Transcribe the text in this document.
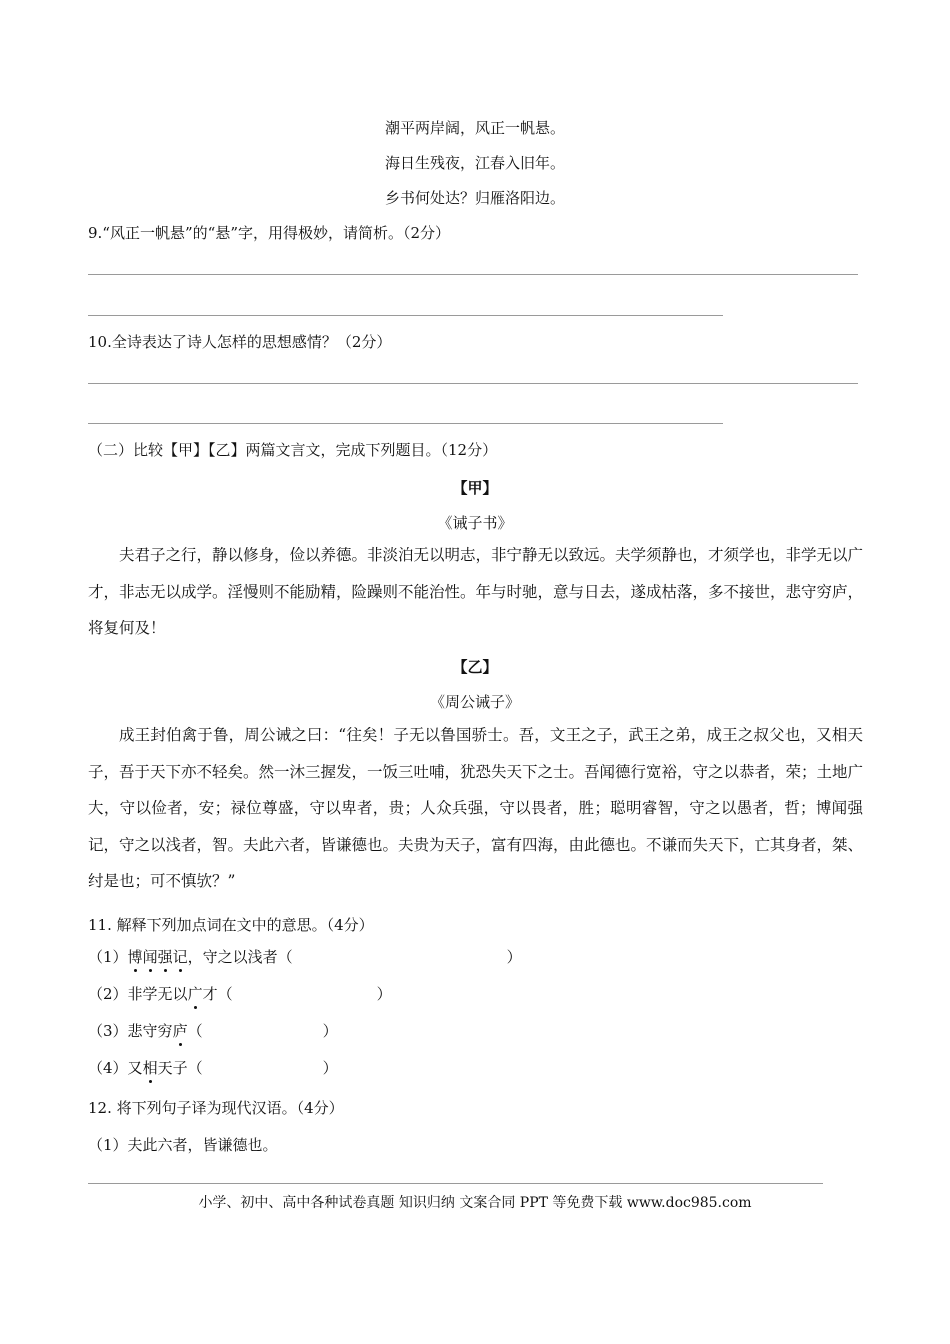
潮平两岸阔，风正一帆悬。
海日生残夜，江春入旧年。
乡书何处达？归雁洛阳边。
9.“风正一帆悬”的“悬”字，用得极妙，请简析。（2分）
10.全诗表达了诗人怎样的思想感情？（2分）
（二）比较【甲】【乙】两篇文言文，完成下列题目。（12分）
【甲】
《诫子书》

夫君子之行，静以修身，俭以养德。非淡泊无以明志，非宁静无以致远。夫学须静也，才须学也，非学无以广才，非志无以成学。淫慢则不能励精，险躁则不能治性。年与时驰，意与日去，遂成枯落，多不接世，悲守穷庐，将复何及！

【乙】
《周公诫子》

成王封伯禽于鲁，周公诫之曰：“往矣！子无以鲁国骄士。吾，文王之子，武王之弟，成王之叔父也，又相天子，吾于天下亦不轻矣。然一沐三握发，一饭三吐哺，犹恐失天下之士。吾闻德行宽裕，守之以恭者，荣；土地广大，守以俭者，安；禄位尊盛，守以卑者，贵；人众兵强，守以畏者，胜；聪明睿智，守之以愚者，哲；博闻强记，守之以浅者，智。夫此六者，皆谦德也。夫贵为天子，富有四海，由此德也。不谦而失天下，亡其身者，桀、纣是也；可不慎欤？”

11. 解释下列加点词在文中的意思。（4分）
（1）博闻强记，守之以浅者（	）
（2）非学无以广才（	）
（3）悲守穷庐（	）
（4）又相天子（	）
12. 将下列句子译为现代汉语。（4分）
（1）夫此六者，皆谦德也。
小学、初中、高中各种试卷真题 知识归纳 文案合同 PPT 等免费下载 www.doc985.com
